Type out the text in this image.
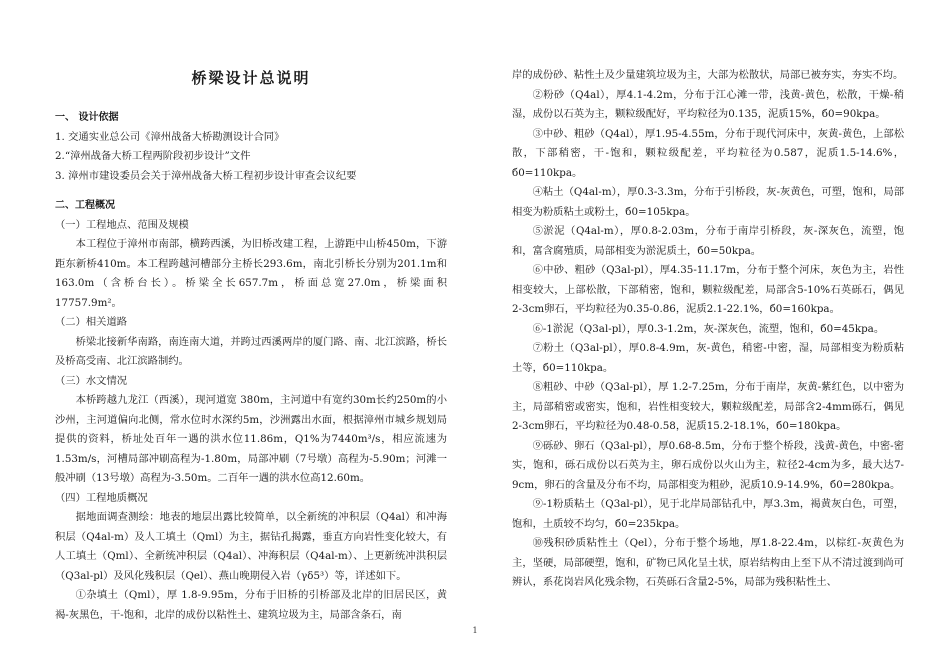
桥梁设计总说明

一、 设计依据

1. 交通实业总公司《漳州战备大桥勘测设计合同》

2.“漳州战备大桥工程两阶段初步设计”文件

3. 漳州市建设委员会关于漳州战备大桥工程初步设计审查会议纪要

二、工程概况

（一）工程地点、范围及规模

本工程位于漳州市南部，横跨西溪，为旧桥改建工程，上游距中山桥450m，下游距东新桥410m。本工程跨越河槽部分主桥长293.6m，南北引桥长分别为201.1m和163.0m（含桥台长）。桥梁全长657.7m，桥面总宽27.0m，桥梁面积 17757.9m²。

（二）相关道路

桥梁北接新华南路，南连南大道，并跨过西溪两岸的厦门路、南、北江滨路，桥长及桥高受南、北江滨路制约。

（三）水文情况

本桥跨越九龙江（西溪），现河道宽 380m，主河道中有宽约30m长约250m的小沙州，主河道偏向北侧，常水位时水深约5m，沙洲露出水面，根据漳州市城乡规划局提供的资料，桥址处百年一遇的洪水位11.86m，Q1%为7440m³/s，相应流速为1.53m/s，河槽局部冲刷高程为-1.80m，局部冲刷（7号墩）高程为-5.90m；河滩一般冲刷（13号墩）高程为-3.50m。二百年一遇的洪水位高12.60m。

（四）工程地质概况

据地面调查测绘：地表的地层出露比较简单，以全新统的冲积层（Q4al）和冲海积层（Q4al-m）及人工填土（Qml）为主，据钻孔揭露，垂直方向岩性变化较大，有人工填土（Qml）、全新统冲积层（Q4al）、冲海积层（Q4al-m）、上更新统冲洪积层（Q3al-pl）及风化残积层（Qel）、燕山晚期侵入岩（γδ5³）等，详述如下。

①杂填土（Qml），厚 1.8-9.95m，分布于旧桥的引桥部及北岸的旧居民区，黄褐-灰黑色，干-饱和，北岸的成份以粘性土、建筑垃圾为主，局部含条石，南

岸的成份砂、粘性土及少量建筑垃圾为主，大部为松散状，局部已被夯实，夯实不均。

②粉砂（Q4al），厚4.1-4.2m，分布于江心滩一带，浅黄-黄色，松散，干燥-稍湿，成份以石英为主，颗粒级配好，平均粒径为0.135，泥质15%，б0=90kpa。

③中砂、粗砂（Q4al），厚1.95-4.55m，分布于现代河床中，灰黄-黄色，上部松散，下部稍密，干-饱和，颗粒级配差，平均粒径为0.587，泥质1.5-14.6%，б0=110kpa。

④粘土（Q4al-m），厚0.3-3.3m，分布于引桥段，灰-灰黄色，可塑，饱和，局部相变为粉质粘土或粉土，б0=105kpa。

⑤淤泥（Q4al-m），厚0.8-2.03m，分布于南岸引桥段，灰-深灰色，流塑，饱和，富含腐殖质，局部相变为淤泥质土，б0=50kpa。

⑥中砂、粗砂（Q3al-pl），厚4.35-11.17m，分布于整个河床，灰色为主，岩性相变较大，上部松散，下部稍密，饱和，颗粒级配差，局部含5-10%石英砾石，偶见2-3cm卵石，平均粒径为0.35-0.86，泥质2.1-22.1%，б0=160kpa。

⑥-1淤泥（Q3al-pl），厚0.3-1.2m，灰-深灰色，流塑，饱和，б0=45kpa。

⑦粉土（Q3al-pl），厚0.8-4.9m，灰-黄色，稍密-中密，湿，局部相变为粉质粘土等，б0=110kpa。

⑧粗砂、中砂（Q3al-pl），厚 1.2-7.25m，分布于南岸，灰黄-紫红色，以中密为主，局部稍密或密实，饱和，岩性相变较大，颗粒级配差，局部含2-4mm砾石，偶见2-3cm卵石，平均粒径为0.48-0.58，泥质15.2-18.1%，б0=180kpa。

⑨砾砂、卵石（Q3al-pl），厚0.68-8.5m，分布于整个桥段，浅黄-黄色，中密-密实，饱和，砾石成份以石英为主，卵石成份以火山为主，粒径2-4cm为多，最大达7-9cm，卵石的含量及分布不均，局部相变为粗砂，泥质10.9-14.9%，б0=280kpa。

⑨-1粉质粘土（Q3al-pl），见于北岸局部钻孔中，厚3.3m，褐黄灰白色，可塑，饱和，土质较不均匀，б0=235kpa。

⑩残积砂质粘性土（Qel），分布于整个场地，厚1.8-22.4m，以棕红-灰黄色为主，坚硬，局部硬塑，饱和，矿物已风化呈土状，原岩结构由上至下从不清过渡到尚可辨认，系花岗岩风化残余物，石英砾石含量2-5%，局部为残积粘性土、

1
